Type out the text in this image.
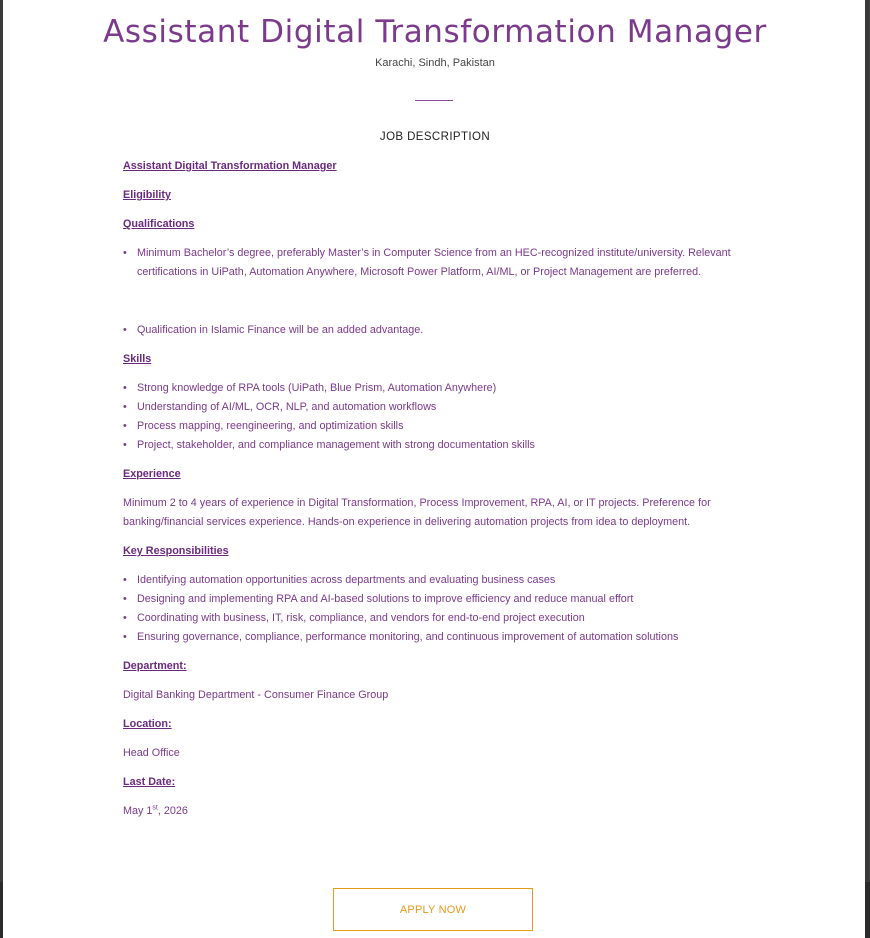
Assistant Digital Transformation Manager
Karachi, Sindh, Pakistan
JOB DESCRIPTION

Assistant Digital Transformation Manager

Eligibility

Qualifications

• Minimum Bachelor’s degree, preferably Master’s in Computer Science from an HEC-recognized institute/university. Relevant certifications in UiPath, Automation Anywhere, Microsoft Power Platform, AI/ML, or Project Management are preferred.
• Qualification in Islamic Finance will be an added advantage.

Skills

• Strong knowledge of RPA tools (UiPath, Blue Prism, Automation Anywhere)
• Understanding of AI/ML, OCR, NLP, and automation workflows
• Process mapping, reengineering, and optimization skills
• Project, stakeholder, and compliance management with strong documentation skills

Experience

Minimum 2 to 4 years of experience in Digital Transformation, Process Improvement, RPA, AI, or IT projects. Preference for banking/financial services experience. Hands-on experience in delivering automation projects from idea to deployment.

Key Responsibilities

• Identifying automation opportunities across departments and evaluating business cases
• Designing and implementing RPA and AI-based solutions to improve efficiency and reduce manual effort
• Coordinating with business, IT, risk, compliance, and vendors for end-to-end project execution
• Ensuring governance, compliance, performance monitoring, and continuous improvement of automation solutions

Department:

Digital Banking Department - Consumer Finance Group

Location:

Head Office

Last Date:

May 1st, 2026

APPLY NOW
